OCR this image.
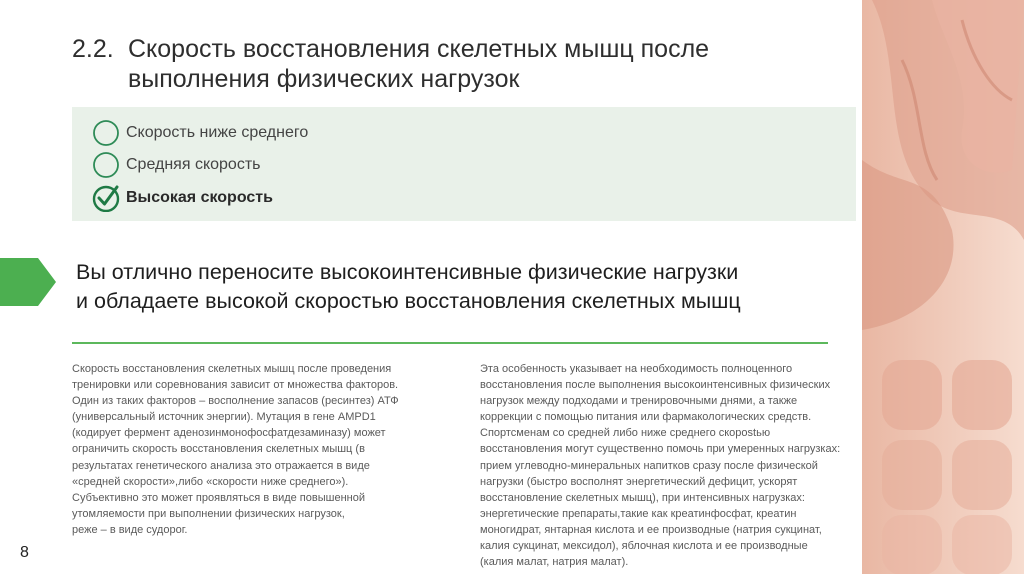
2.2. Скорость восстановления скелетных мышц после
выполнения физических нагрузок
Скорость ниже среднего
Средняя скорость
Высокая скорость
Вы отлично переносите высокоинтенсивные физические нагрузки
и обладаете высокой скоростью восстановления скелетных мышц
Скорость восстановления скелетных мышц после проведения
тренировки или соревнования зависит от множества факторов.
Один из таких факторов – восполнение запасов (ресинтез) АТФ
(универсальный источник энергии). Мутация в гене AMPD1
(кодирует фермент аденозинмонофосфатдезаминазу) может
ограничить скорость восстановления скелетных мышц (в
результатах генетического анализа это отражается в виде
«средней скорости»,либо «скорости ниже среднего»).
Субъективно это может проявляться в виде повышенной
утомляемости при выполнении физических нагрузок,
реже – в виде судорог.
Эта особенность указывает на необходимость полноценного
восстановления после выполнения высокоинтенсивных физических
нагрузок между подходами и тренировочными днями, а также
коррекции с помощью питания или фармакологических средств.
Спортсменам со средней либо ниже среднего скорostью
восстановления могут существенно помочь при умеренных нагрузках:
прием углеводно-минеральных напитков сразу после физической
нагрузки (быстро восполнят энергетический дефицит, ускорят
восстановление скелетных мышц), при интенсивных нагрузках:
энергетические препараты,такие как креатинфосфат, креатин
моногидрат, янтарная кислота и ее производные (натрия сукцинат,
калия сукцинат, мексидол), яблочная кислота и ее производные
(калия малат, натрия малат).
8
